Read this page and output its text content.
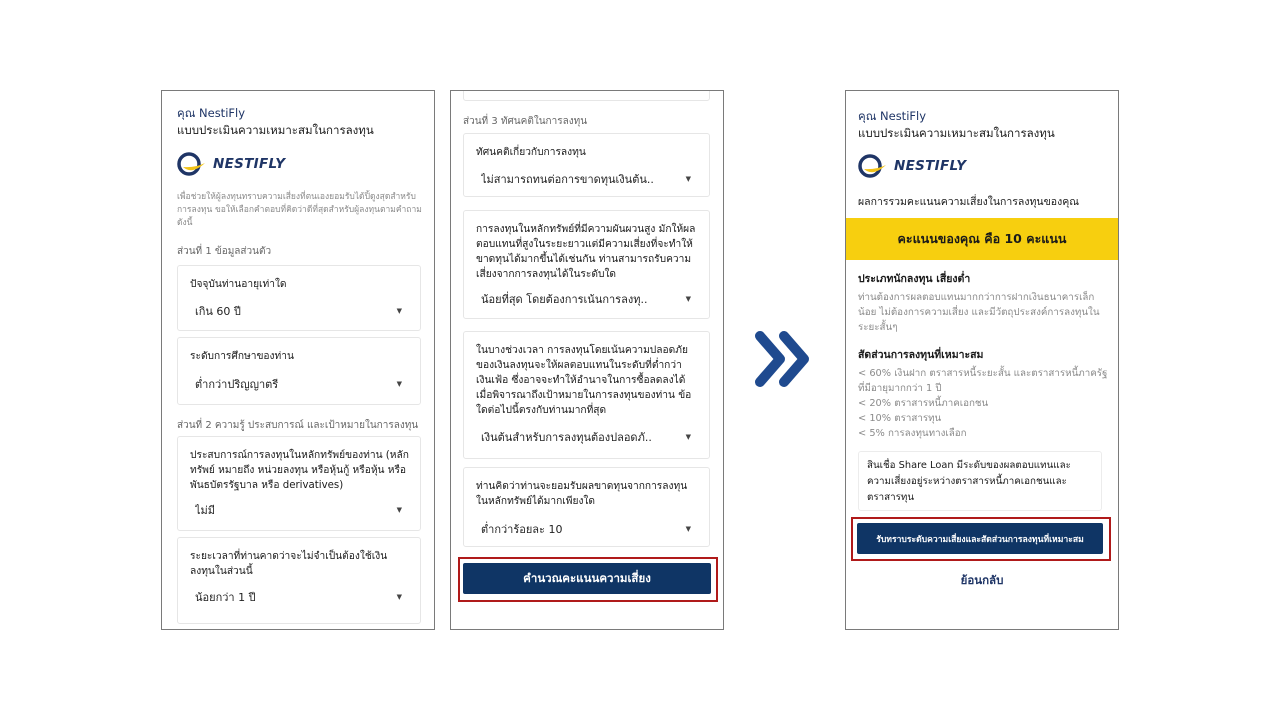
คุณ NestiFly
แบบประเมินความเหมาะสมในการลงทุน
NESTIFLY
เพื่อช่วยให้ผู้ลงทุนทราบความเสี่ยงที่ตนเองยอมรับได้ปิ้ดูงสุดสำหรับการลงทุน ขอให้เลือกคำตอบที่คิดว่าดีที่สุดสำหรับผู้ลงทุนตามคำถามดังนี้
ส่วนที่ 1 ข้อมูลส่วนตัว
ปัจจุบันท่านอายุเท่าใด
เกิน 60 ปี	▼
ระดับการศึกษาของท่าน
ต่ำกว่าปริญญาตรี	▼
ส่วนที่ 2 ความรู้ ประสบการณ์ และเป้าหมายในการลงทุน
ประสบการณ์การลงทุนในหลักทรัพย์ของท่าน (หลักทรัพย์ หมายถึง หน่วยลงทุน หรือหุ้นกู้ หรือหุ้น หรือพันธบัตรรัฐบาล หรือ derivatives)
ไม่มี	▼
ระยะเวลาที่ท่านคาดว่าจะไม่จำเป็นต้องใช้เงินลงทุนในส่วนนี้
น้อยกว่า 1 ปี	▼
ส่วนที่ 3 ทัศนคติในการลงทุน
ทัศนคติเกี่ยวกับการลงทุน
ไม่สามารถทนต่อการขาดทุนเงินต้น..	▼
การลงทุนในหลักทรัพย์ที่มีความผันผวนสูง มักให้ผลตอบแทนที่สูงในระยะยาวแต่มีความเสี่ยงที่จะทำให้ขาดทุนได้มากขึ้นได้เช่นกัน ท่านสามารถรับความเสี่ยงจากการลงทุนได้ในระดับใด
น้อยที่สุด โดยต้องการเน้นการลงทุ..	▼
ในบางช่วงเวลา การลงทุนโดยเน้นความปลอดภัยของเงินลงทุนจะให้ผลตอบแทนในระดับที่ต่ำกว่าเงินเฟ้อ ซึ่งอาจจะทำให้อำนาจในการซื้อลดลงได้ เมื่อพิจารณาถึงเป้าหมายในการลงทุนของท่าน ข้อใดต่อไปนี้ตรงกับท่านมากที่สุด
เงินต้นสำหรับการลงทุนต้องปลอดภั..	▼
ท่านคิดว่าท่านจะยอมรับผลขาดทุนจากการลงทุนในหลักทรัพย์ได้มากเพียงใด
ต่ำกว่าร้อยละ 10	▼
คำนวณคะแนนความเสี่ยง
คุณ NestiFly
แบบประเมินความเหมาะสมในการลงทุน
NESTIFLY
ผลการรวมคะแนนความเสี่ยงในการลงทุนของคุณ
คะแนนของคุณ คือ 10 คะแนน
ประเภทนักลงทุน เสี่ยงต่ำ
ท่านต้องการผลตอบแทนมากกว่าการฝากเงินธนาคารเล็กน้อย ไม่ต้องการความเสี่ยง และมีวัตถุประสงค์การลงทุนในระยะสั้นๆ
สัดส่วนการลงทุนที่เหมาะสม
< 60% เงินฝาก ตราสารหนี้ระยะสั้น และตราสารหนี้ภาครัฐที่มีอายุมากกว่า 1 ปี
< 20% ตราสารหนี้ภาคเอกชน
< 10% ตราสารทุน
< 5% การลงทุนทางเลือก
สินเชื่อ Share Loan มีระดับของผลตอบแทนและความเสี่ยงอยู่ระหว่างตราสารหนี้ภาคเอกชนและตราสารทุน
รับทราบระดับความเสี่ยงและสัดส่วนการลงทุนที่เหมาะสม
ย้อนกลับ
